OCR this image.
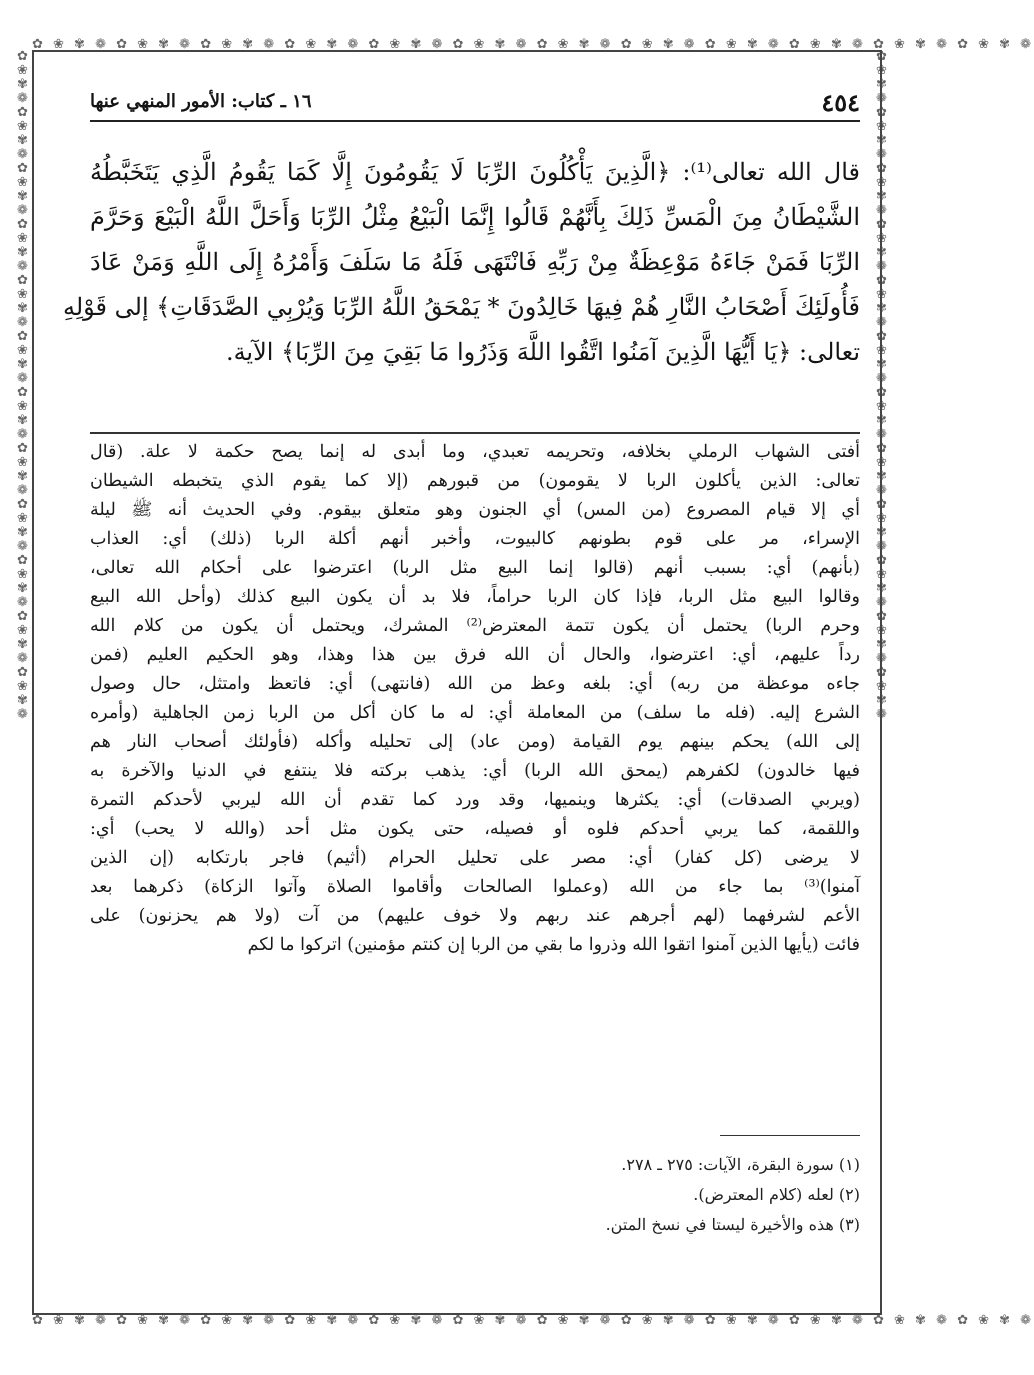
✿ ❀ ✾ ❁ ✿ ❀ ✾ ❁ ✿ ❀ ✾ ❁ ✿ ❀ ✾ ❁ ✿ ❀ ✾ ❁ ✿ ❀ ✾ ❁ ✿ ❀ ✾ ❁ ✿ ❀ ✾ ❁ ✿ ❀ ✾ ❁ ✿ ❀ ✾ ❁ ✿ ❀ ✾ ❁ ✿ ❀ ✾ ❁
✿ ❀ ✾ ❁ ✿ ❀ ✾ ❁ ✿ ❀ ✾ ❁ ✿ ❀ ✾ ❁ ✿ ❀ ✾ ❁ ✿ ❀ ✾ ❁ ✿ ❀ ✾ ❁ ✿ ❀ ✾ ❁ ✿ ❀ ✾ ❁ ✿ ❀ ✾ ❁ ✿ ❀ ✾ ❁ ✿ ❀ ✾ ❁
✿ ❀ ✾ ❁ ✿ ❀ ✾ ❁ ✿ ❀ ✾ ❁ ✿ ❀ ✾ ❁ ✿ ❀ ✾ ❁ ✿ ❀ ✾ ❁ ✿ ❀ ✾ ❁ ✿ ❀ ✾ ❁ ✿ ❀ ✾ ❁ ✿ ❀ ✾ ❁ ✿ ❀ ✾ ❁ ✿ ❀ ✾ ❁
✿ ❀ ✾ ❁ ✿ ❀ ✾ ❁ ✿ ❀ ✾ ❁ ✿ ❀ ✾ ❁ ✿ ❀ ✾ ❁ ✿ ❀ ✾ ❁ ✿ ❀ ✾ ❁ ✿ ❀ ✾ ❁ ✿ ❀ ✾ ❁ ✿ ❀ ✾ ❁ ✿ ❀ ✾ ❁ ✿ ❀ ✾ ❁
٤٥٤
١٦ ـ كتاب: الأمور المنهي عنها
قال الله تعالى⁽¹⁾: ﴿الَّذِينَ يَأْكُلُونَ الرِّبَا لَا يَقُومُونَ إِلَّا كَمَا يَقُومُ الَّذِي يَتَخَبَّطُهُ
الشَّيْطَانُ مِنَ الْمَسِّ ذَلِكَ بِأَنَّهُمْ قَالُوا إِنَّمَا الْبَيْعُ مِثْلُ الرِّبَا وَأَحَلَّ اللَّهُ الْبَيْعَ وَحَرَّمَ
الرِّبَا فَمَنْ جَاءَهُ مَوْعِظَةٌ مِنْ رَبِّهِ فَانْتَهَى فَلَهُ مَا سَلَفَ وَأَمْرُهُ إِلَى اللَّهِ وَمَنْ عَادَ
فَأُولَئِكَ أَصْحَابُ النَّارِ هُمْ فِيهَا خَالِدُونَ * يَمْحَقُ اللَّهُ الرِّبَا وَيُرْبِي الصَّدَقَاتِ﴾ إلى قَوْلِهِ
تعالى: ﴿يَا أَيُّهَا الَّذِينَ آمَنُوا اتَّقُوا اللَّهَ وَذَرُوا مَا بَقِيَ مِنَ الرِّبَا﴾ الآية.
أفتى الشهاب الرملي بخلافه، وتحريمه تعبدي، وما أبدى له إنما يصح حكمة لا علة. (قال
تعالى: الذين يأكلون الربا لا يقومون) من قبورهم (إلا كما يقوم الذي يتخبطه الشيطان
أي إلا قيام المصروع (من المس) أي الجنون وهو متعلق بيقوم. وفي الحديث أنه ﷺ ليلة
الإسراء، مر على قوم بطونهم كالبيوت، وأخبر أنهم أكلة الربا (ذلك) أي: العذاب
(بأنهم) أي: بسبب أنهم (قالوا إنما البيع مثل الربا) اعترضوا على أحكام الله تعالى،
وقالوا البيع مثل الربا، فإذا كان الربا حراماً، فلا بد أن يكون البيع كذلك (وأحل الله البيع
وحرم الربا) يحتمل أن يكون تتمة المعترض⁽²⁾ المشرك، ويحتمل أن يكون من كلام الله
رداً عليهم، أي: اعترضوا، والحال أن الله فرق بين هذا وهذا، وهو الحكيم العليم (فمن
جاءه موعظة من ربه) أي: بلغه وعظ من الله (فانتهى) أي: فاتعظ وامتثل، حال وصول
الشرع إليه. (فله ما سلف) من المعاملة أي: له ما كان أكل من الربا زمن الجاهلية (وأمره
إلى الله) يحكم بينهم يوم القيامة (ومن عاد) إلى تحليله وأكله (فأولئك أصحاب النار هم
فيها خالدون) لكفرهم (يمحق الله الربا) أي: يذهب بركته فلا ينتفع في الدنيا والآخرة به
(ويربي الصدقات) أي: يكثرها وينميها، وقد ورد كما تقدم أن الله ليربي لأحدكم التمرة
واللقمة، كما يربي أحدكم فلوه أو فصيله، حتى يكون مثل أحد (والله لا يحب) أي:
لا يرضى (كل كفار) أي: مصر على تحليل الحرام (أثيم) فاجر بارتكابه (إن الذين
آمنوا)⁽³⁾ بما جاء من الله (وعملوا الصالحات وأقاموا الصلاة وآتوا الزكاة) ذكرهما بعد
الأعم لشرفهما (لهم أجرهم عند ربهم ولا خوف عليهم) من آت (ولا هم يحزنون) على
فائت (يأيها الذين آمنوا اتقوا الله وذروا ما بقي من الربا إن كنتم مؤمنين) اتركوا ما لكم
(١) سورة البقرة، الآيات: ٢٧٥ ـ ٢٧٨.
(٢) لعله (كلام المعترض).
(٣) هذه والأخيرة ليستا في نسخ المتن.
